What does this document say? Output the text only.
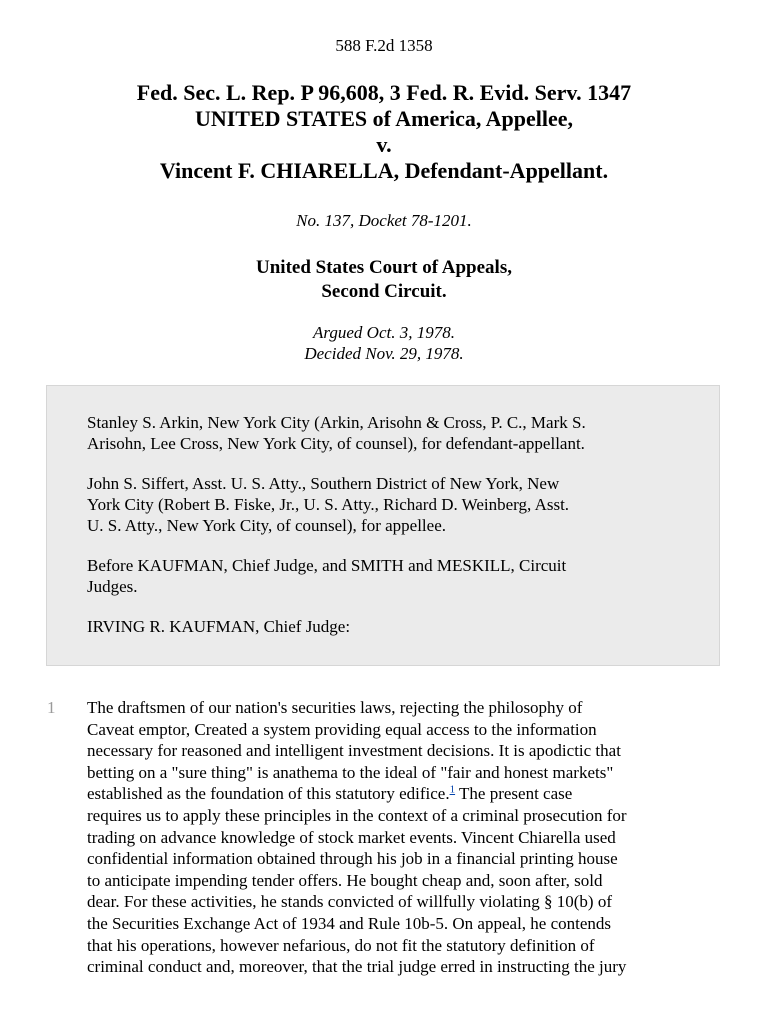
588 F.2d 1358
Fed. Sec. L. Rep. P 96,608, 3 Fed. R. Evid. Serv. 1347
UNITED STATES of America, Appellee,
v.
Vincent F. CHIARELLA, Defendant-Appellant.
No. 137, Docket 78-1201.
United States Court of Appeals,
Second Circuit.
Argued Oct. 3, 1978.
Decided Nov. 29, 1978.

Stanley S. Arkin, New York City (Arkin, Arisohn & Cross, P. C., Mark S.
Arisohn, Lee Cross, New York City, of counsel), for defendant-appellant.

John S. Siffert, Asst. U. S. Atty., Southern District of New York, New
York City (Robert B. Fiske, Jr., U. S. Atty., Richard D. Weinberg, Asst.
U. S. Atty., New York City, of counsel), for appellee.

Before KAUFMAN, Chief Judge, and SMITH and MESKILL, Circuit
Judges.

IRVING R. KAUFMAN, Chief Judge:

1 The draftsmen of our nation's securities laws, rejecting the philosophy of
Caveat emptor, Created a system providing equal access to the information
necessary for reasoned and intelligent investment decisions. It is apodictic that
betting on a "sure thing" is anathema to the ideal of "fair and honest markets"
established as the foundation of this statutory edifice.$^1$ The present case
requires us to apply these principles in the context of a criminal prosecution for
trading on advance knowledge of stock market events. Vincent Chiarella used
confidential information obtained through his job in a financial printing house
to anticipate impending tender offers. He bought cheap and, soon after, sold
dear. For these activities, he stands convicted of willfully violating § 10(b) of
the Securities Exchange Act of 1934 and Rule 10b-5. On appeal, he contends
that his operations, however nefarious, do not fit the statutory definition of
criminal conduct and, moreover, that the trial judge erred in instructing the jury
